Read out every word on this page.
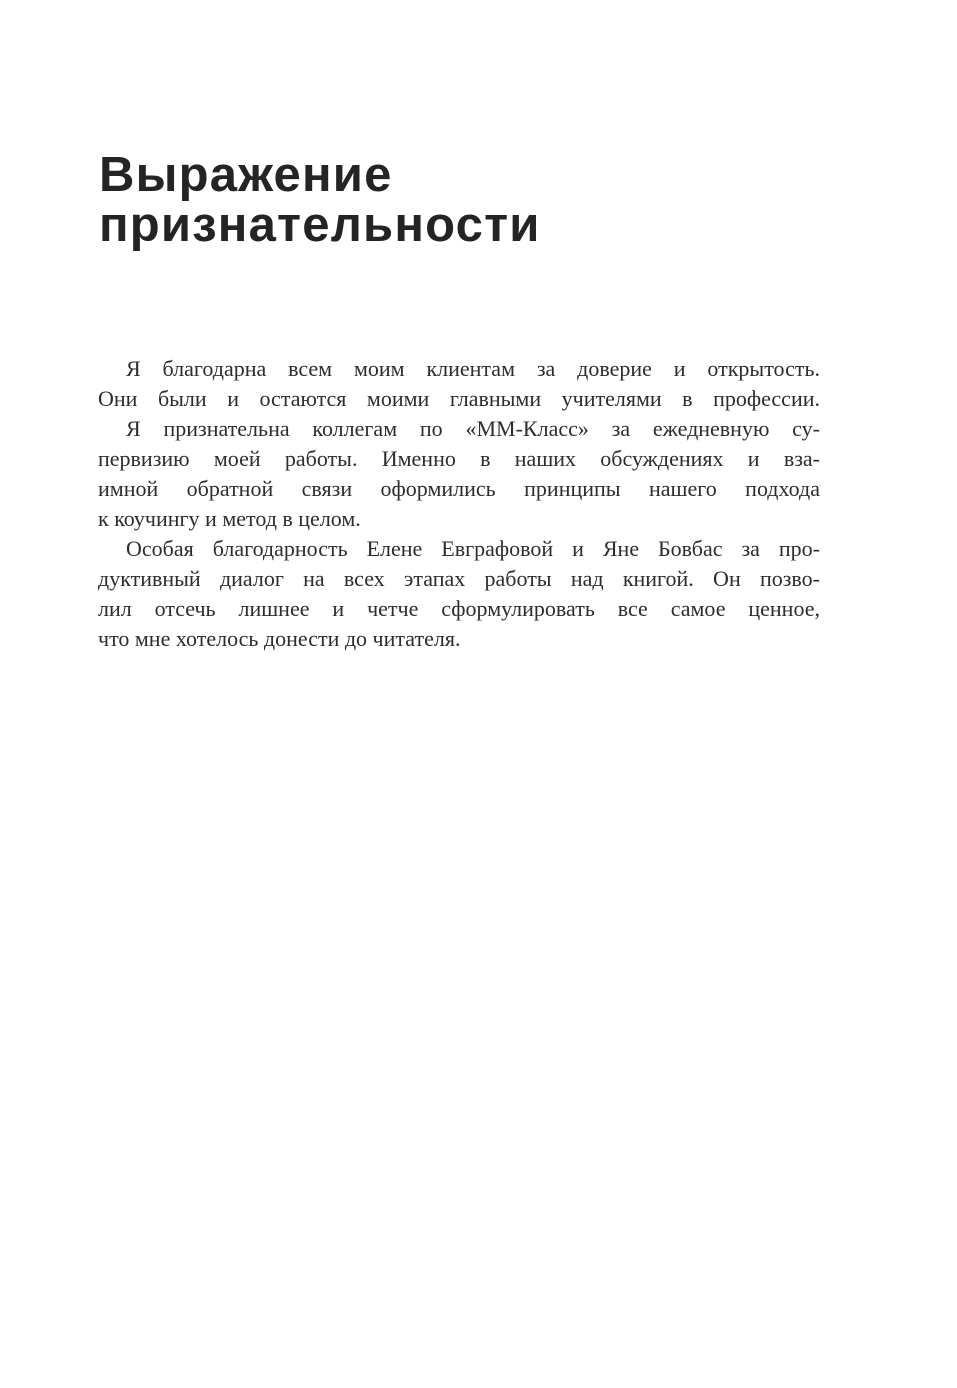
Выражение
признательности
Я благодарна всем моим клиентам за доверие и открытость.
Они были и остаются моими главными учителями в профессии.
Я признательна коллегам по «ММ-Класс» за ежедневную су-
первизию моей работы. Именно в наших обсуждениях и вза-
имной обратной связи оформились принципы нашего подхода
к коучингу и метод в целом.
Особая благодарность Елене Евграфовой и Яне Бовбас за про-
дуктивный диалог на всех этапах работы над книгой. Он позво-
лил отсечь лишнее и четче сформулировать все самое ценное,
что мне хотелось донести до читателя.
